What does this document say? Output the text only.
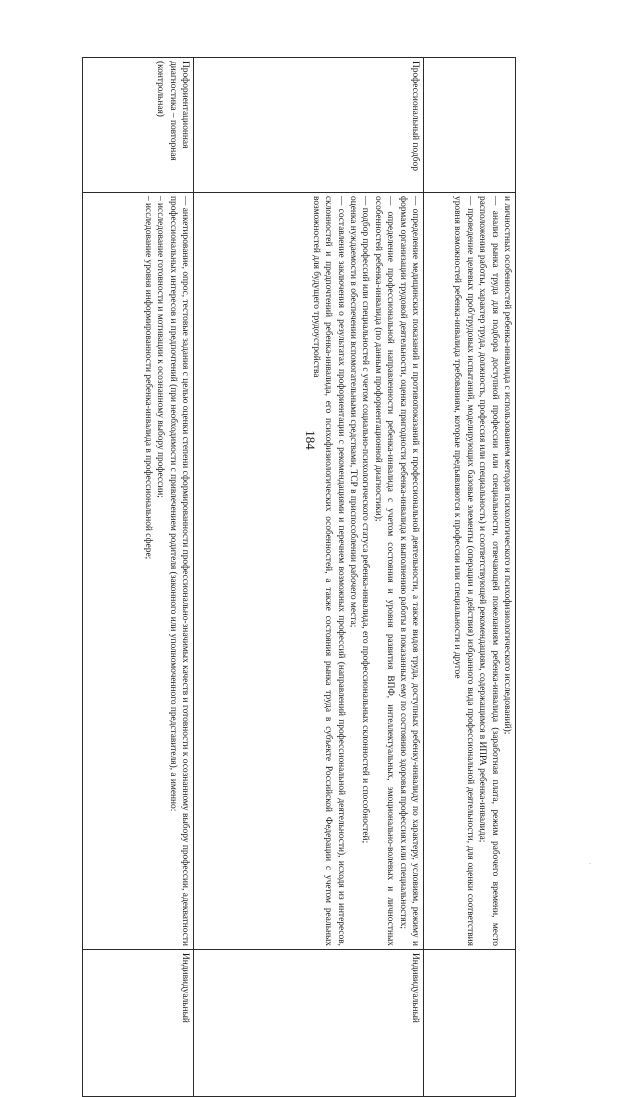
184

	и личностных особенностей ребенка-инвалида с использованием методов психологического и психофизиологического исследований);

— анализ рынка труда для подбора доступной профессии или специальности, отвечающей пожеланиям ребенка-инвалида (заработная плата, режим рабочего времени, место расположения работы, характер труда, должность, профессия или специальность) и соответствующей рекомендациям, содержащимся в ИПРА ребенка-инвалида;

— проведение целевых проб/трудовых испытаний, моделирующих базовые элементы (операции и действия) избранного вида профессиональной деятельности, для оценки соответствия уровня возможностей ребенка-инвалида требованиям, которые предъявляются к профессии или специальности и другое	

Профессиональный подбор	— определение медицинских показаний и противопоказаний к профессиональной деятельности, а также видов труда, доступных ребенку-инвалиду по характеру, условиям, режиму и формам организации трудовой деятельности, оценка пригодности ребенка-инвалида к выполнению работы в показанных ему по состоянию здоровья профессиях или специальностях;

— определение профессиональной направленности ребенка-инвалида с учетом состояния и уровня развития ВПФ, интеллектуальных, эмоционально-волевых и личностных особенностей ребенка-инвалида (по данным профориентационной диагностики);

— подбор профессий или специальностей с учетом социально-психологического статуса ребенка-инвалида, его профессиональных склонностей и способностей;

оценка нуждаемости в обеспечении вспомогательными средствами, ТСР в приспособлении рабочего места;

— составление заключения о результатах профориентации с рекомендациями и перечнем возможных профессий (направлений профессиональной деятельности), исходя из интересов, склонностей и предпочтений ребенка-инвалида, его психофизиологических особенностей, а также состояния рынка труда в субъекте Российской Федерации с учетом реальных возможностей для будущего трудоустройства	Индивидуальный
Профориентационная диагностика – повторная (контрольная)	— анкетирование, опрос, тестовые задания с целью оценки степени сформированности профессионально-значимых качеств и готовности к осознанному выбору профессии, адекватности профессиональных интересов и предпочтений (при необходимости с привлечением родителя (законного или уполномоченного представителя), а именно:

– исследование готовности и мотивации к осознанному выбору профессии;

– исследование уровня информированности ребенка-инвалида в профессиональной сфере;	Индивидуальный
·
